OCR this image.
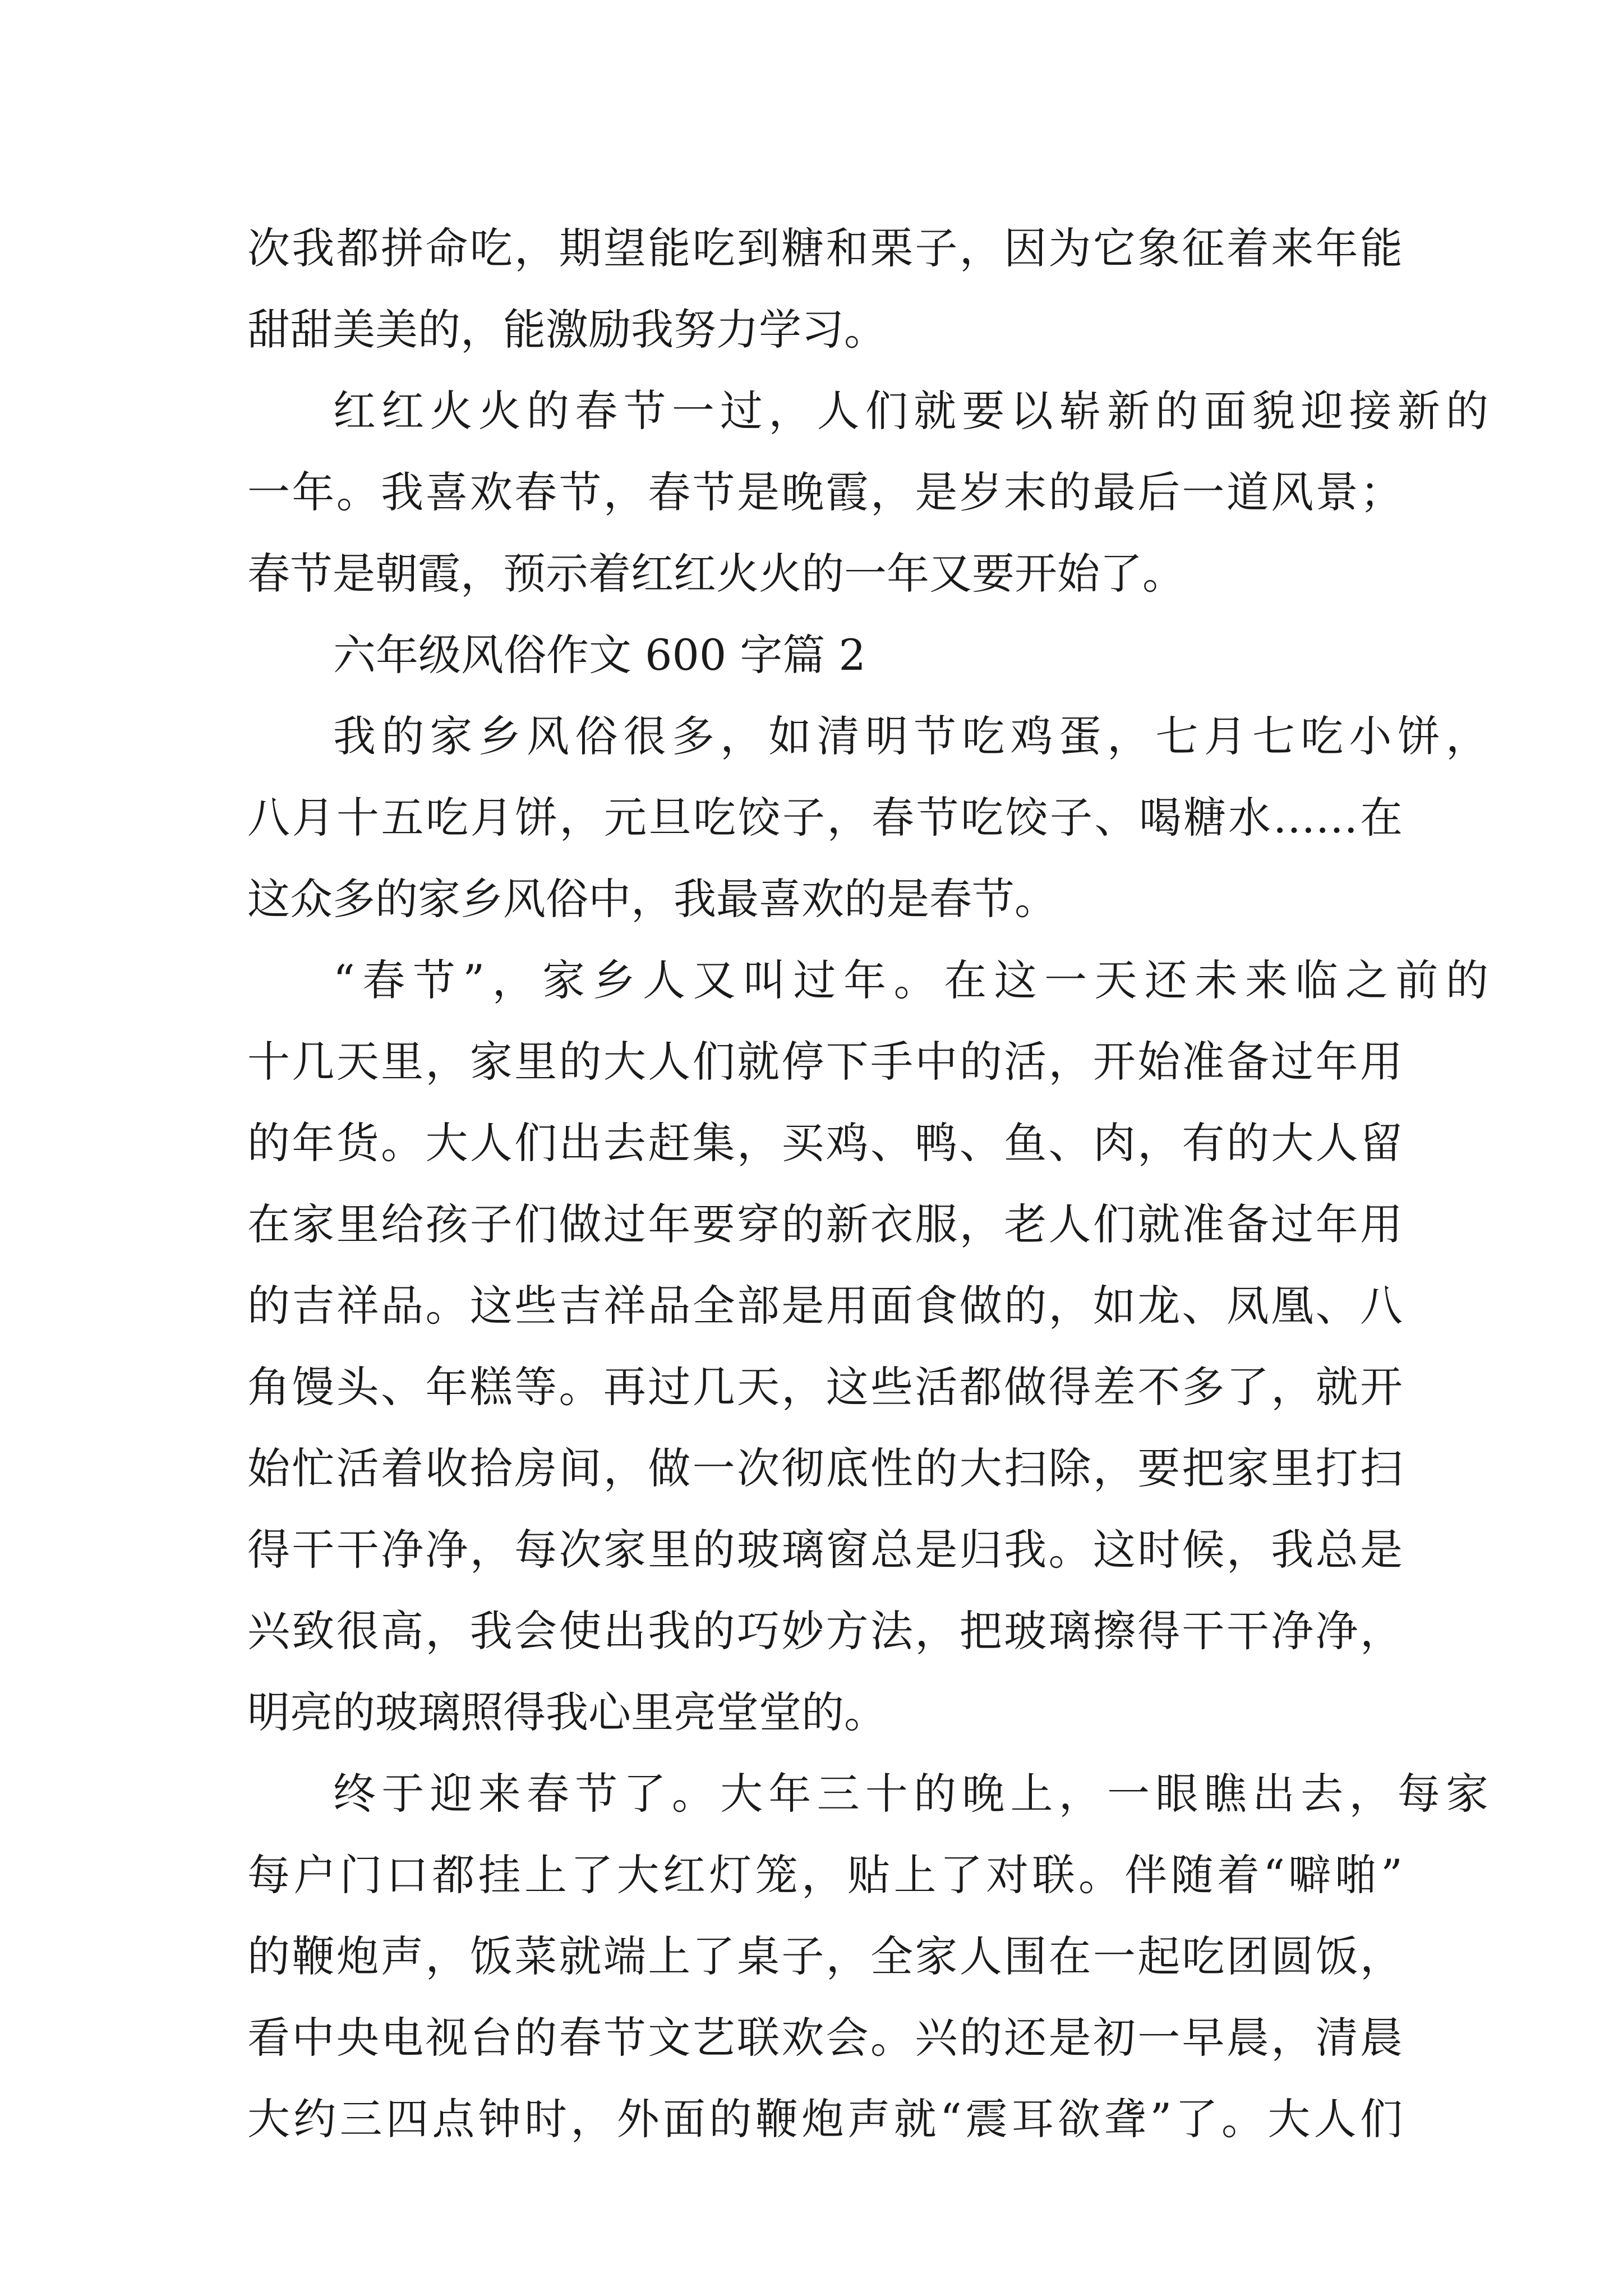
次我都拼命吃，期望能吃到糖和栗子，因为它象征着来年能
甜甜美美的，能激励我努力学习。
红红火火的春节一过，人们就要以崭新的面貌迎接新的
一年。我喜欢春节，春节是晚霞，是岁末的最后一道风景；
春节是朝霞，预示着红红火火的一年又要开始了。
六年级风俗作文 600 字篇 2
我的家乡风俗很多，如清明节吃鸡蛋，七月七吃小饼，
八月十五吃月饼，元旦吃饺子，春节吃饺子、喝糖水……在
这众多的家乡风俗中，我最喜欢的是春节。
“春节”，家乡人又叫过年。在这一天还未来临之前的
十几天里，家里的大人们就停下手中的活，开始准备过年用
的年货。大人们出去赶集，买鸡、鸭、鱼、肉，有的大人留
在家里给孩子们做过年要穿的新衣服，老人们就准备过年用
的吉祥品。这些吉祥品全部是用面食做的，如龙、凤凰、八
角馒头、年糕等。再过几天，这些活都做得差不多了，就开
始忙活着收拾房间，做一次彻底性的大扫除，要把家里打扫
得干干净净，每次家里的玻璃窗总是归我。这时候，我总是
兴致很高，我会使出我的巧妙方法，把玻璃擦得干干净净，
明亮的玻璃照得我心里亮堂堂的。
终于迎来春节了。大年三十的晚上，一眼瞧出去，每家
每户门口都挂上了大红灯笼，贴上了对联。伴随着“噼啪”
的鞭炮声，饭菜就端上了桌子，全家人围在一起吃团圆饭，
看中央电视台的春节文艺联欢会。兴的还是初一早晨，清晨
大约三四点钟时，外面的鞭炮声就“震耳欲聋”了。大人们
